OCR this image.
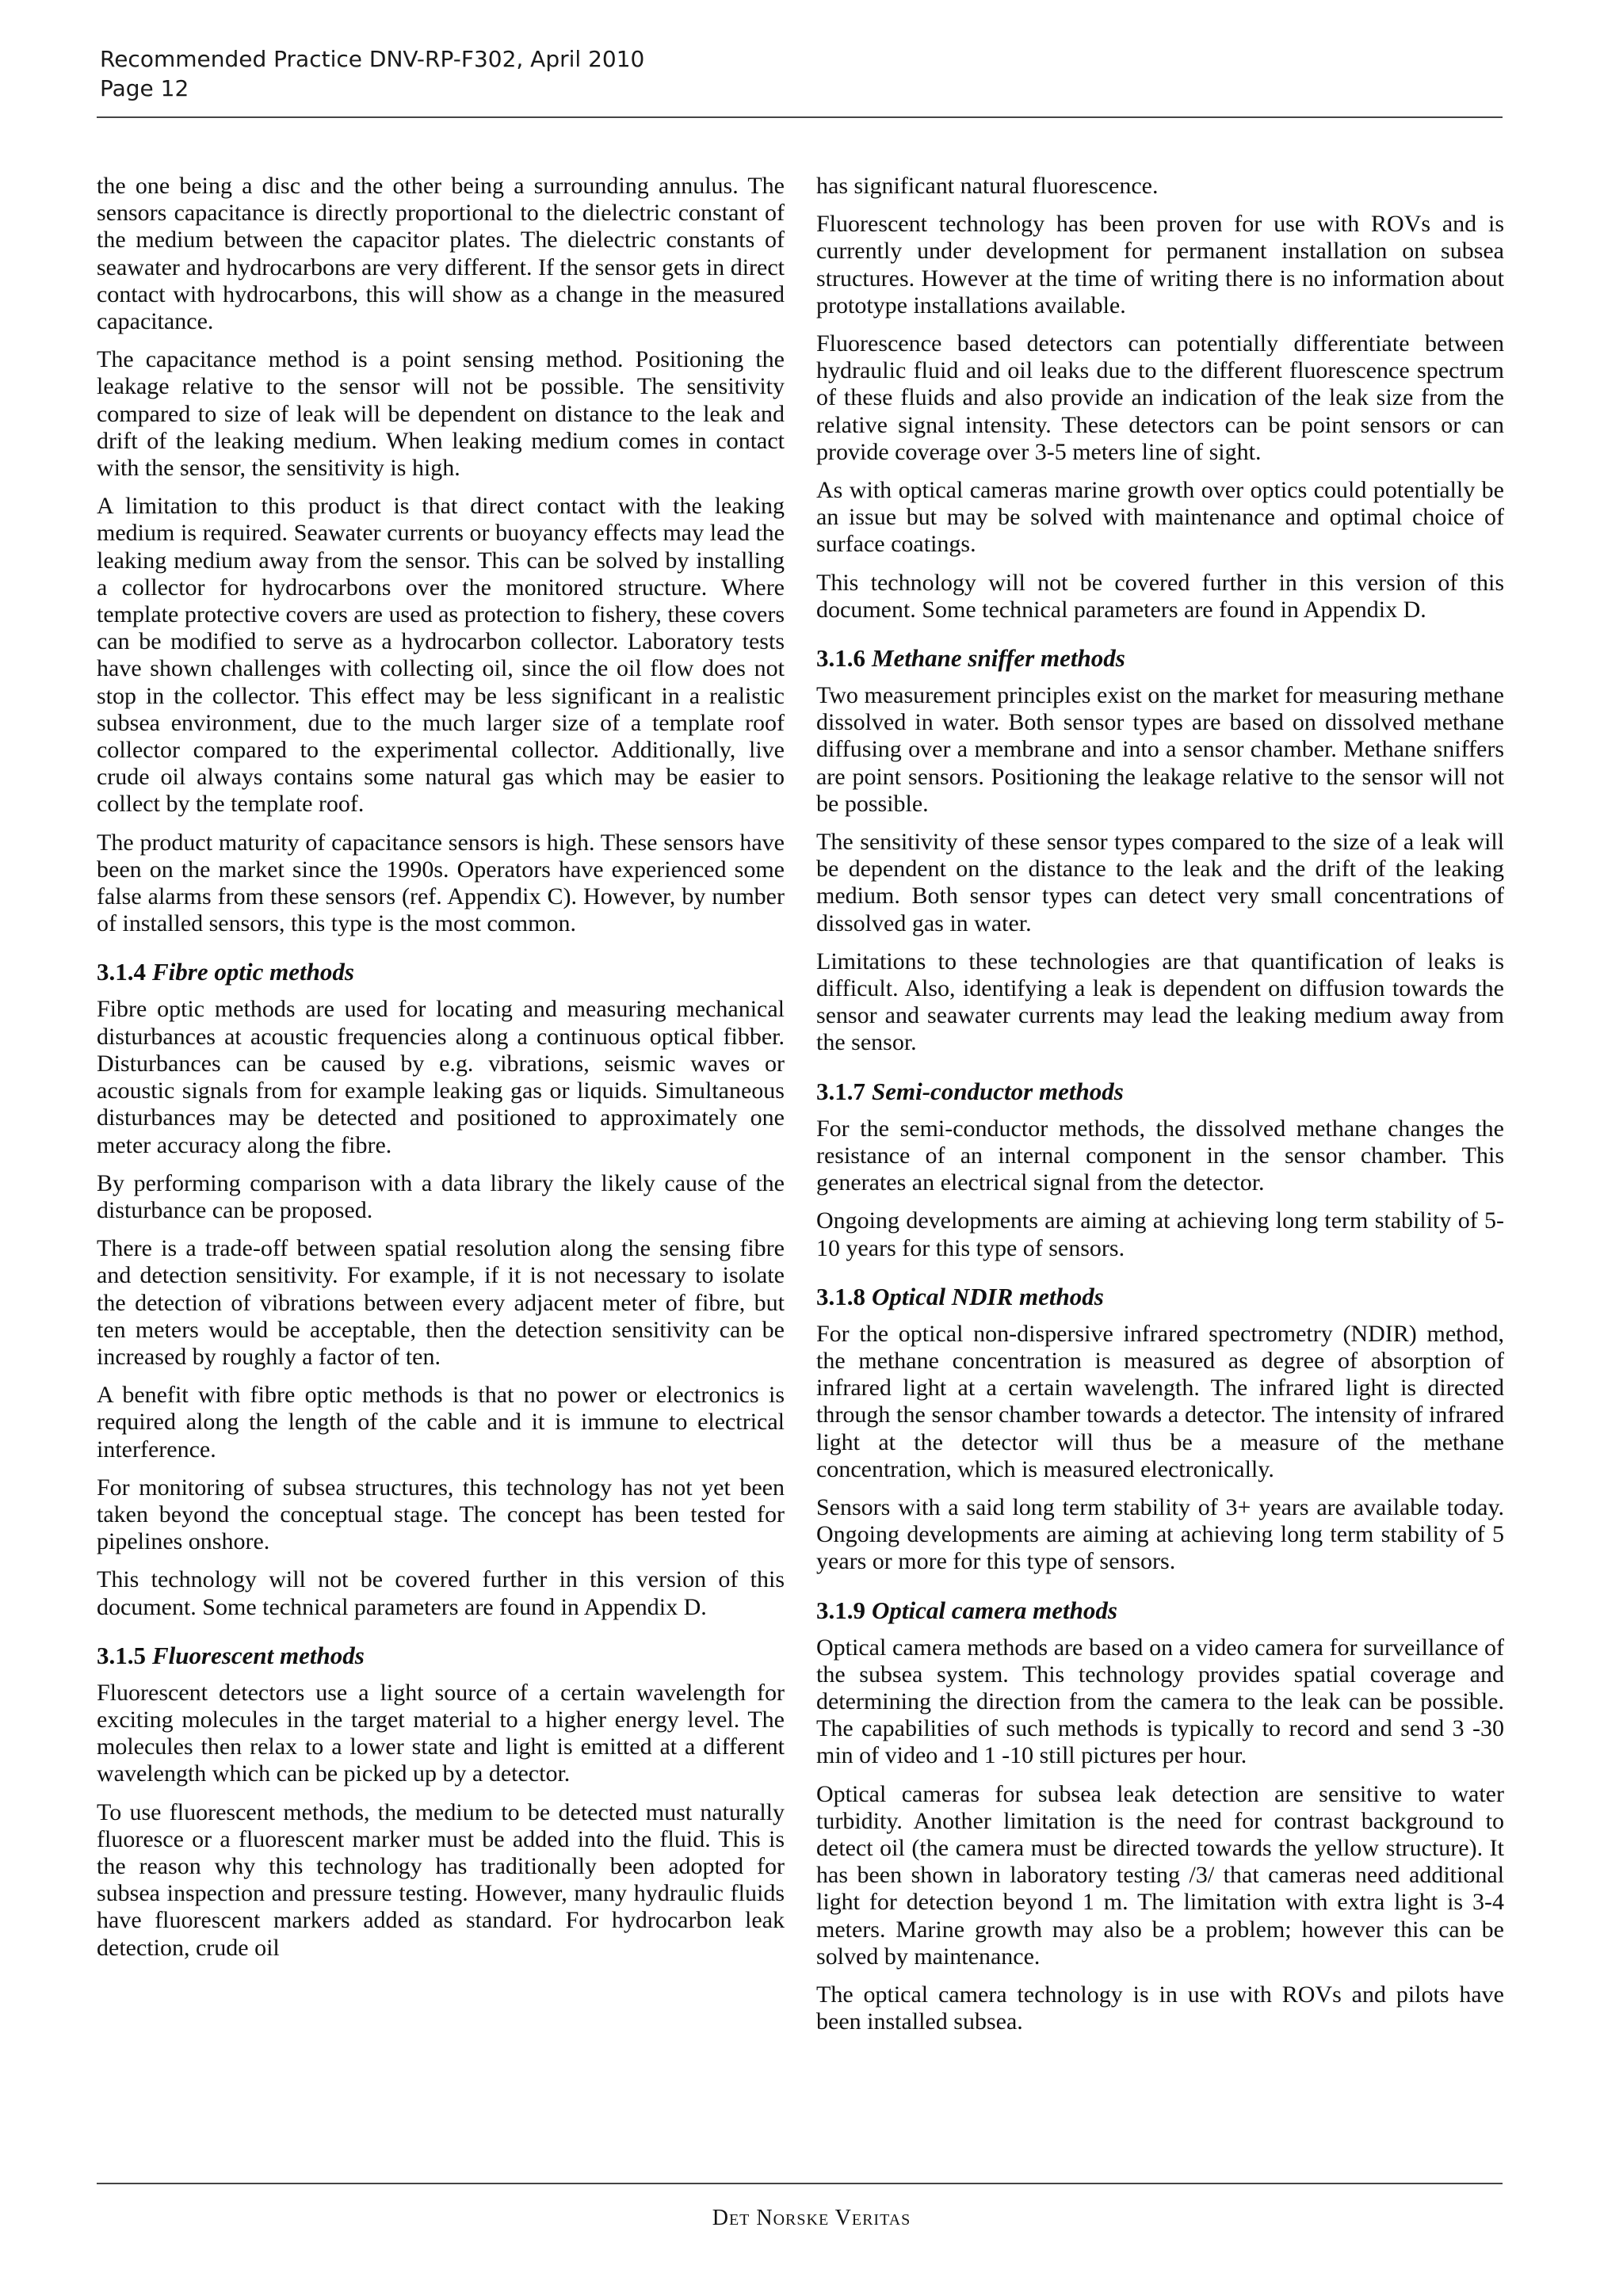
Recommended Practice DNV-RP-F302, April 2010
Page 12

the one being a disc and the other being a surrounding annulus. The sensors capacitance is directly proportional to the dielectric constant of the medium between the capacitor plates. The dielectric constants of seawater and hydrocarbons are very different. If the sensor gets in direct contact with hydrocarbons, this will show as a change in the measured capacitance.

The capacitance method is a point sensing method. Positioning the leakage relative to the sensor will not be possible. The sensitivity compared to size of leak will be dependent on distance to the leak and drift of the leaking medium. When leaking medium comes in contact with the sensor, the sensitivity is high.

A limitation to this product is that direct contact with the leaking medium is required. Seawater currents or buoyancy effects may lead the leaking medium away from the sensor. This can be solved by installing a collector for hydrocarbons over the monitored structure. Where template protective covers are used as protection to fishery, these covers can be modified to serve as a hydrocarbon collector. Laboratory tests have shown challenges with collecting oil, since the oil flow does not stop in the collector. This effect may be less significant in a realistic subsea environment, due to the much larger size of a template roof collector compared to the experimental collector. Additionally, live crude oil always contains some natural gas which may be easier to collect by the template roof.

The product maturity of capacitance sensors is high. These sensors have been on the market since the 1990s. Operators have experienced some false alarms from these sensors (ref. Appendix C). However, by number of installed sensors, this type is the most common.

3.1.4 Fibre optic methods

Fibre optic methods are used for locating and measuring mechanical disturbances at acoustic frequencies along a continuous optical fibber. Disturbances can be caused by e.g. vibrations, seismic waves or acoustic signals from for example leaking gas or liquids. Simultaneous disturbances may be detected and positioned to approximately one meter accuracy along the fibre.

By performing comparison with a data library the likely cause of the disturbance can be proposed.

There is a trade-off between spatial resolution along the sensing fibre and detection sensitivity. For example, if it is not necessary to isolate the detection of vibrations between every adjacent meter of fibre, but ten meters would be acceptable, then the detection sensitivity can be increased by roughly a factor of ten.

A benefit with fibre optic methods is that no power or electronics is required along the length of the cable and it is immune to electrical interference.

For monitoring of subsea structures, this technology has not yet been taken beyond the conceptual stage. The concept has been tested for pipelines onshore.

This technology will not be covered further in this version of this document. Some technical parameters are found in Appendix D.

3.1.5 Fluorescent methods

Fluorescent detectors use a light source of a certain wavelength for exciting molecules in the target material to a higher energy level. The molecules then relax to a lower state and light is emitted at a different wavelength which can be picked up by a detector.

To use fluorescent methods, the medium to be detected must naturally fluoresce or a fluorescent marker must be added into the fluid. This is the reason why this technology has traditionally been adopted for subsea inspection and pressure testing. However, many hydraulic fluids have fluorescent markers added as standard. For hydrocarbon leak detection, crude oil

has significant natural fluorescence.

Fluorescent technology has been proven for use with ROVs and is currently under development for permanent installation on subsea structures. However at the time of writing there is no information about prototype installations available.

Fluorescence based detectors can potentially differentiate between hydraulic fluid and oil leaks due to the different fluorescence spectrum of these fluids and also provide an indication of the leak size from the relative signal intensity. These detectors can be point sensors or can provide coverage over 3-5 meters line of sight.

As with optical cameras marine growth over optics could potentially be an issue but may be solved with maintenance and optimal choice of surface coatings.

This technology will not be covered further in this version of this document. Some technical parameters are found in Appendix D.

3.1.6 Methane sniffer methods

Two measurement principles exist on the market for measuring methane dissolved in water. Both sensor types are based on dissolved methane diffusing over a membrane and into a sensor chamber. Methane sniffers are point sensors. Positioning the leakage relative to the sensor will not be possible.

The sensitivity of these sensor types compared to the size of a leak will be dependent on the distance to the leak and the drift of the leaking medium. Both sensor types can detect very small concentrations of dissolved gas in water.

Limitations to these technologies are that quantification of leaks is difficult. Also, identifying a leak is dependent on diffusion towards the sensor and seawater currents may lead the leaking medium away from the sensor.

3.1.7 Semi-conductor methods

For the semi-conductor methods, the dissolved methane changes the resistance of an internal component in the sensor chamber. This generates an electrical signal from the detector.

Ongoing developments are aiming at achieving long term stability of 5-10 years for this type of sensors.

3.1.8 Optical NDIR methods

For the optical non-dispersive infrared spectrometry (NDIR) method, the methane concentration is measured as degree of absorption of infrared light at a certain wavelength. The infrared light is directed through the sensor chamber towards a detector. The intensity of infrared light at the detector will thus be a measure of the methane concentration, which is measured electronically.

Sensors with a said long term stability of 3+ years are available today. Ongoing developments are aiming at achieving long term stability of 5 years or more for this type of sensors.

3.1.9 Optical camera methods

Optical camera methods are based on a video camera for surveillance of the subsea system. This technology provides spatial coverage and determining the direction from the camera to the leak can be possible. The capabilities of such methods is typically to record and send 3 -30 min of video and 1 -10 still pictures per hour.

Optical cameras for subsea leak detection are sensitive to water turbidity. Another limitation is the need for contrast background to detect oil (the camera must be directed towards the yellow structure). It has been shown in laboratory testing /3/ that cameras need additional light for detection beyond 1 m. The limitation with extra light is 3-4 meters. Marine growth may also be a problem; however this can be solved by maintenance.

The optical camera technology is in use with ROVs and pilots have been installed subsea.

Det Norske Veritas
